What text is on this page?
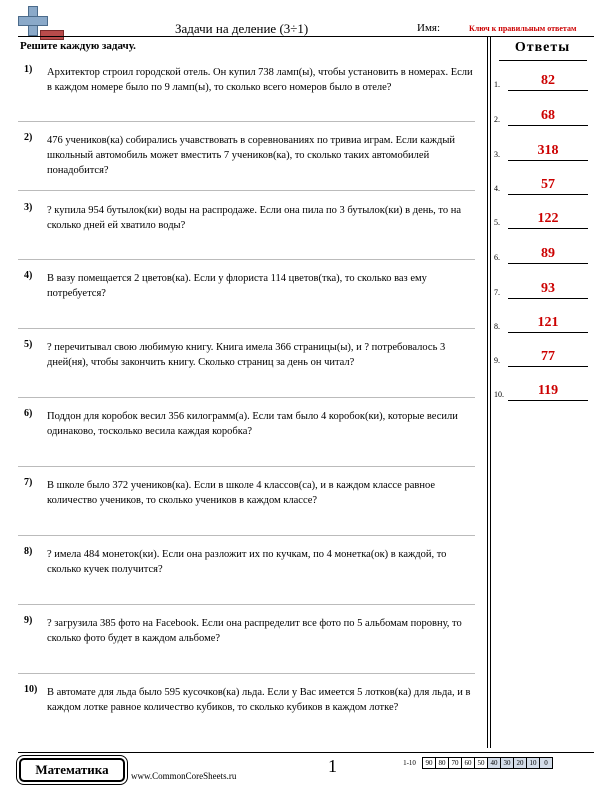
Задачи на деление (3÷1)	Имя:	Ключ к правильным ответам
Решите каждую задачу.	Ответы
1) Архитектор строил городской отель. Он купил 738 ламп(ы), чтобы установить в номерах. Если в каждом номере было по 9 ламп(ы), то сколько всего номеров было в отеле?
2) 476 учеников(ка) собирались учавствовать в соревнованиях по тривиа играм. Если каждый школьный автомобиль может вместить 7 учеников(ка), то сколько таких автомобилей понадобится?
3) ? купила 954 бутылок(ки) воды на распродаже. Если она пила по 3 бутылок(ки) в день, то на сколько дней ей хватило воды?
4) В вазу помещается 2 цветов(ка). Если у флориста 114 цветов(тка), то сколько ваз ему потребуется?
5) ? перечитывал свою любимую книгу. Книга имела 366 страницы(ы), и ? потребовалось 3 дней(ня), чтобы закончить книгу. Сколько страниц за день он читал?
6) Поддон для коробок весил 356 килограмм(а). Если там было 4 коробок(ки), которые весили одинаково, тосколько весила каждая коробка?
7) В школе было 372 учеников(ка). Если в школе 4 классов(са), и в каждом классе равное количество учеников, то сколько учеников в каждом классе?
8) ? имела 484 монеток(ки). Если она разложит их по кучкам, по 4 монетка(ок) в каждой, то сколько кучек получится?
9) ? загрузила 385 фото на Facebook. Если она распределит все фото по 5 альбомам поровну, то сколько фото будет в каждом альбоме?
10) В автомате для льда было 595 кусочков(ка) льда. Если у Вас имеется 5 лотков(ка) для льда, и в каждом лотке равное количество кубиков, то сколько кубиков в каждом лотке?
1.	82
2.	68
3.	318
4.	57
5.	122
6.	89
7.	93
8.	121
9.	77
10.	119
Математика	www.CommonCoreSheets.ru	1	1-10	90 80 70 60 50 40 30 20 10	0
